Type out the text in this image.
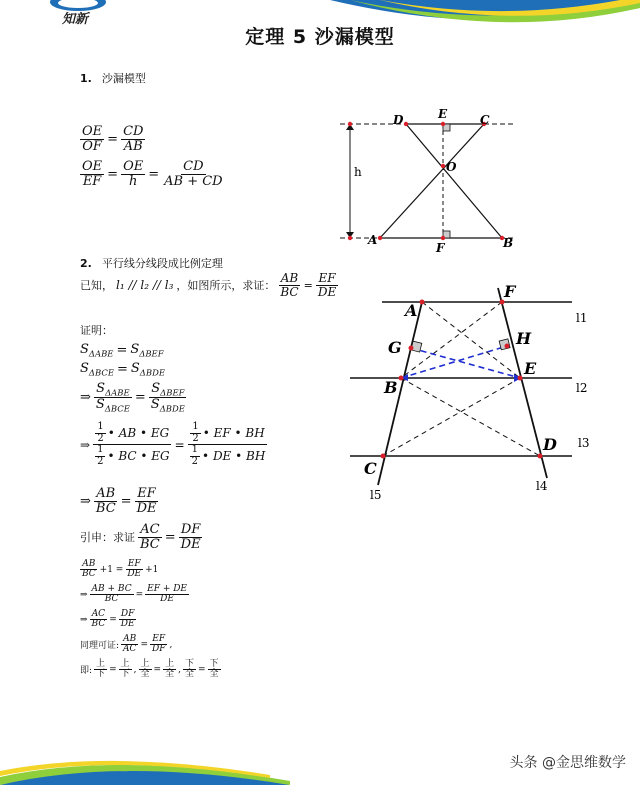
知新
定理 5 沙漏模型
1. 沙漏模型
$\frac{OE}{OF} = \frac{CD}{AB}$
$\frac{OE}{EF} = \frac{OE}{h} = \frac{CD}{AB + CD}$
D	E	C
O
h
A
F	B
2. 平行线分线段成比例定理
已知， l₁ // l₂ // l₃ ，如图所示，求证： $\frac{AB}{BC} = \frac{EF}{DE}$
证明：
$S_{\Delta ABE} = S_{\Delta BEF}$
$S_{\Delta BCE} = S_{\Delta BDE}$
⇒ $\frac{S_{\Delta ABE}}{S_{\Delta BCE}} = \frac{S_{\Delta BEF}}{S_{\Delta BDE}}$
⇒ $\frac{\frac{1}{2} • AB • EG}{\frac{1}{2} • BC • EG} = \frac{\frac{1}{2} • EF • BH}{\frac{1}{2} • DE • BH}$
⇒ $\frac{AB}{BC} = \frac{EF}{DE}$
引申：求证 $\frac{AC}{BC} = \frac{DF}{DE}$
$\frac{AB}{BC} +1 = \frac{EF}{DE} +1$
⇒ $\frac{AB + BC}{BC} = \frac{EF + DE}{DE}$
⇒ $\frac{AC}{BC} = \frac{DF}{DE}$
同理可证: $\frac{AB}{AC} = \frac{EF}{DF}$ ,
即: $\frac{\text{上}}{\text{下}} = \frac{\text{上}}{\text{下}}$ , $\frac{\text{上}}{\text{全}} = \frac{\text{上}}{\text{全}}$ , $\frac{\text{下}}{\text{全}} = \frac{\text{下}}{\text{全}}$
A
F
G	H
B
E
D
C
l1
l2
l3
l4
l5
头条 @金思维数学
